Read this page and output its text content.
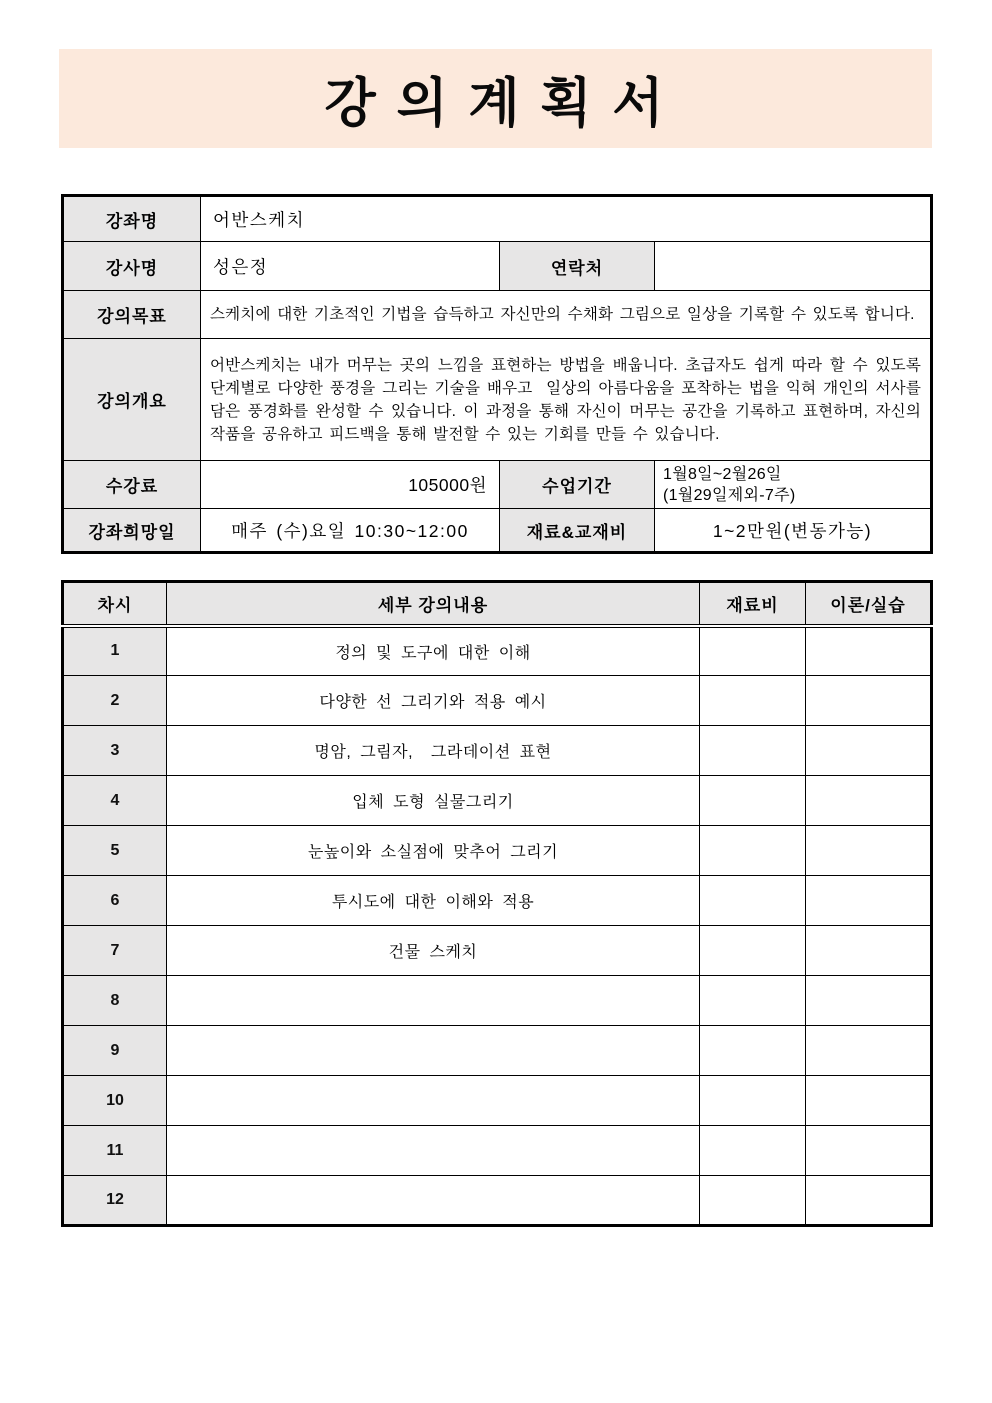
강 의 계 획 서
강좌명	어반스케치		
강사명	성은정	연락처	
강의목표	스케치에 대한 기초적인 기법을 습득하고 자신만의 수채화 그림으로 일상을 기록할 수 있도록 합니다.		
강의개요	어반스케치는 내가 머무는 곳의 느낌을 표현하는 방법을 배웁니다. 초급자도 쉽게 따라 할 수 있도록 단계별로 다양한 풍경을 그리는 기술을 배우고  일상의 아름다움을 포착하는 법을 익혀 개인의 서사를 담은 풍경화를 완성할 수 있습니다. 이 과정을 통해 자신이 머무는 공간을 기록하고 표현하며, 자신의 작품을 공유하고 피드백을 통해 발전할 수 있는 기회를 만들 수 있습니다.		
수강료	105000원	수업기간	1월8일~2월26일
(1월29일제외-7주)

강좌희망일	매주 (수)요일 10:30~12:00	재료&교재비	1~2만원(변동가능)
차시	세부 강의내용	재료비	이론/실습
1	정의 및 도구에 대한 이해		
2	다양한 선 그리기와 적용 예시		
3	명암, 그림자,  그라데이션 표현		
4	입체 도형 실물그리기		
5	눈높이와 소실점에 맞추어 그리기		
6	투시도에 대한 이해와 적용		
7	건물 스케치		
8			
9			
10			
11			
12			
